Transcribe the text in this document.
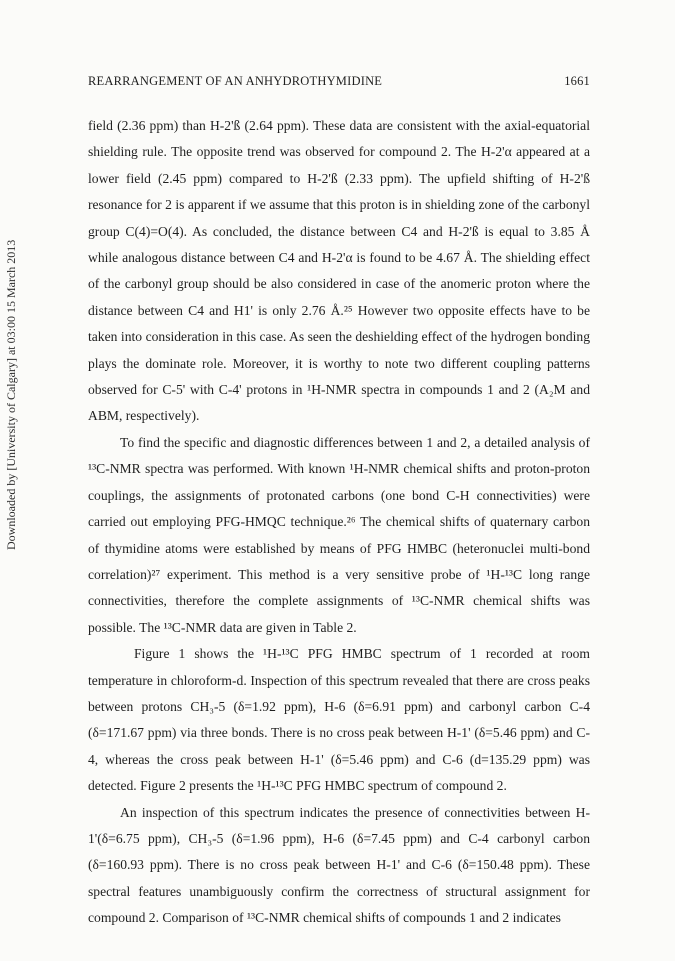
REARRANGEMENT OF AN ANHYDROTHYMIDINE	1661
Downloaded by [University of Calgary] at 03:00 15 March 2013

field (2.36 ppm) than H-2'ß (2.64 ppm). These data are consistent with the axial-equatorial shielding rule. The opposite trend was observed for compound 2. The H-2'α appeared at a lower field (2.45 ppm) compared to H-2'ß (2.33 ppm). The upfield shifting of H-2'ß resonance for 2 is apparent if we assume that this proton is in shielding zone of the carbonyl group C(4)=O(4). As concluded, the distance between C4 and H-2'ß is equal to 3.85 Å while analogous distance between C4 and H-2'α is found to be 4.67 Å. The shielding effect of the carbonyl group should be also considered in case of the anomeric proton where the distance between C4 and H1' is only 2.76 Å.²⁵ However two opposite effects have to be taken into consideration in this case. As seen the deshielding effect of the hydrogen bonding plays the dominate role. Moreover, it is worthy to note two different coupling patterns observed for C-5' with C-4' protons in ¹H-NMR spectra in compounds 1 and 2 (A₂M and ABM, respectively).

To find the specific and diagnostic differences between 1 and 2, a detailed analysis of ¹³C-NMR spectra was performed. With known ¹H-NMR chemical shifts and proton-proton couplings, the assignments of protonated carbons (one bond C-H connectivities) were carried out employing PFG-HMQC technique.²⁶ The chemical shifts of quaternary carbon of thymidine atoms were established by means of PFG HMBC (heteronuclei multi-bond correlation)²⁷ experiment. This method is a very sensitive probe of ¹H-¹³C long range connectivities, therefore the complete assignments of ¹³C-NMR chemical shifts was possible. The ¹³C-NMR data are given in Table 2.

Figure 1 shows the ¹H-¹³C PFG HMBC spectrum of 1 recorded at room temperature in chloroform-d. Inspection of this spectrum revealed that there are cross peaks between protons CH₃-5 (δ=1.92 ppm), H-6 (δ=6.91 ppm) and carbonyl carbon C-4 (δ=171.67 ppm) via three bonds. There is no cross peak between H-1' (δ=5.46 ppm) and C-4, whereas the cross peak between H-1' (δ=5.46 ppm) and C-6 (d=135.29 ppm) was detected. Figure 2 presents the ¹H-¹³C PFG HMBC spectrum of compound 2.

An inspection of this spectrum indicates the presence of connectivities between H-1'(δ=6.75 ppm), CH₃-5 (δ=1.96 ppm), H-6 (δ=7.45 ppm) and C-4 carbonyl carbon (δ=160.93 ppm). There is no cross peak between H-1' and C-6 (δ=150.48 ppm). These spectral features unambiguously confirm the correctness of structural assignment for compound 2. Comparison of ¹³C-NMR chemical shifts of compounds 1 and 2 indicates
